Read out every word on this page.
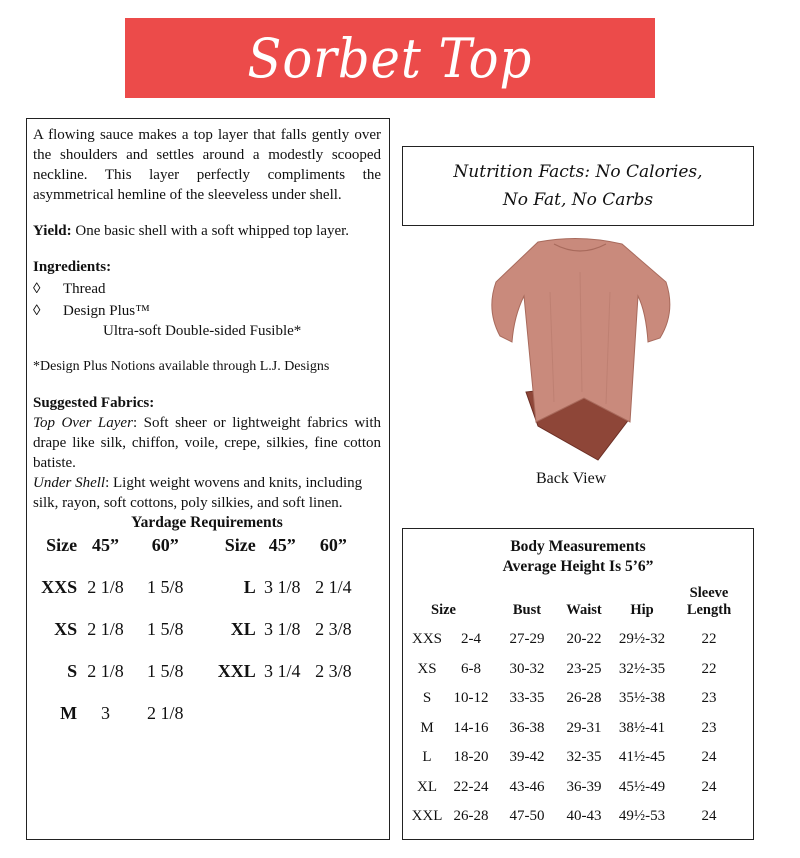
Sorbet Top

A flowing sauce makes a top layer that falls gently over the shoulders and settles around a modestly scooped neckline. This layer perfectly compliments the asymmetrical hemline of the sleeveless under shell.

Yield: One basic shell with a soft whipped top layer.

Ingredients:

◊	Thread
◊	Design Plus™

Ultra-soft Double-sided Fusible*

*Design Plus Notions available through L.J. Designs

Suggested Fabrics:

Top Over Layer: Soft sheer or lightweight fabrics with drape like silk, chiffon, voile, crepe, silkies, fine cotton batiste.

Under Shell: Light weight wovens and knits, including silk, rayon, soft cottons, poly silkies, and soft linen.

Yardage Requirements

Size	45”	60”	Size	45”	60”
XXS	2 1/8	1 5/8	L	3 1/8	2 1/4
XS	2 1/8	1 5/8	XL	3 1/8	2 3/8
S	2 1/8	1 5/8	XXL	3 1/4	2 3/8
M	3	2 1/8			
Nutrition Facts: No Calories,
No Fat, No Carbs
Back View
Body Measurements
Average Height Is 5’6”
Size		Bust	Waist	Hip	Sleeve
Length

XXS	2-4	27-29	20-22	29½-32	22
XS	6-8	30-32	23-25	32½-35	22
S	10-12	33-35	26-28	35½-38	23
M	14-16	36-38	29-31	38½-41	23
L	18-20	39-42	32-35	41½-45	24
XL	22-24	43-46	36-39	45½-49	24
XXL	26-28	47-50	40-43	49½-53	24
